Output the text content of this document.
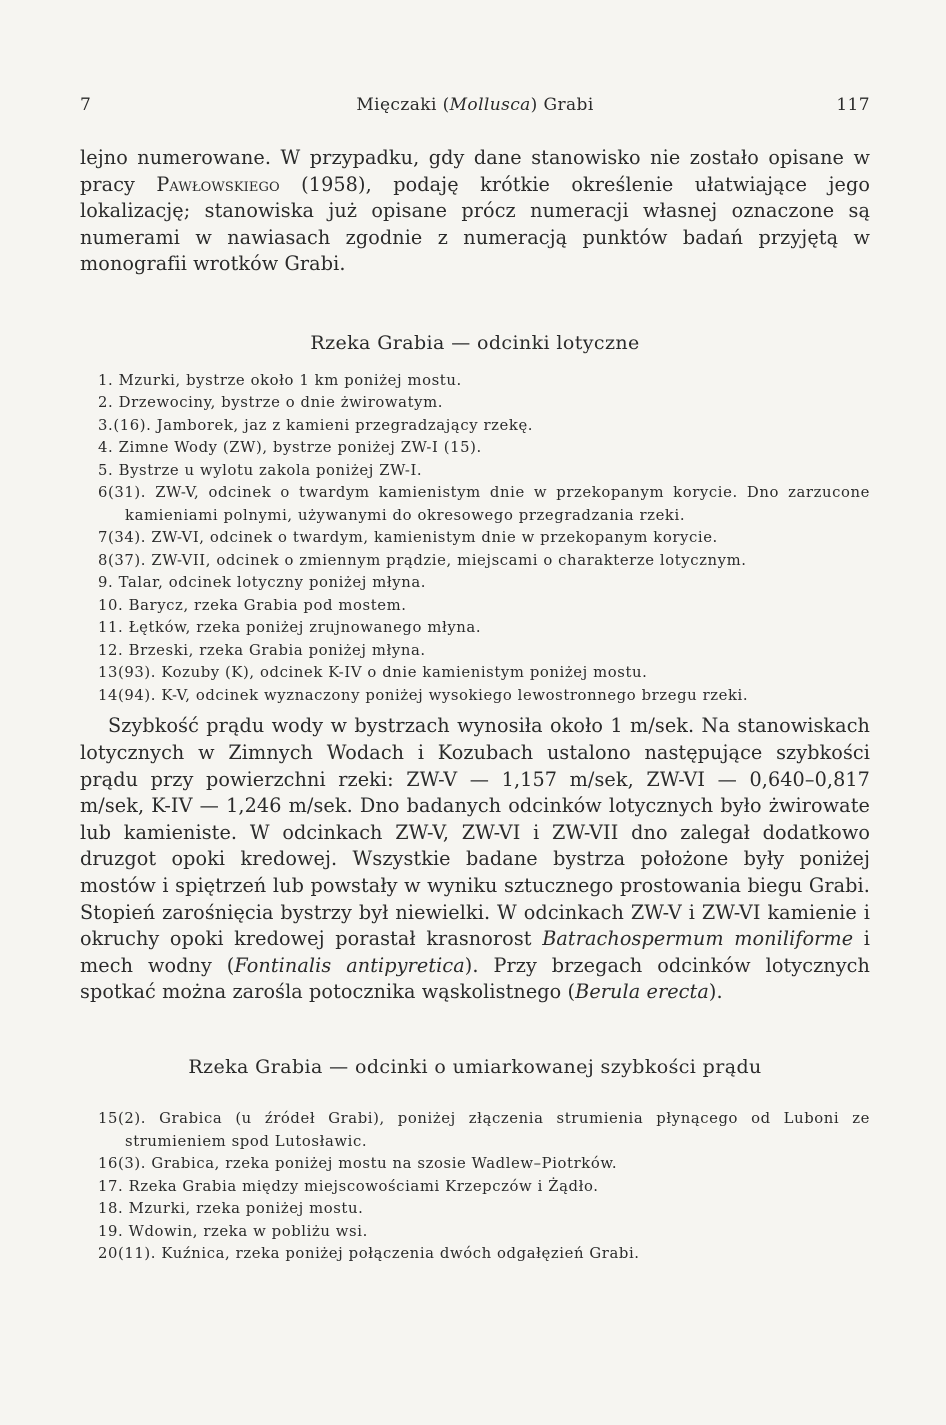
7	Mięczaki (Mollusca) Grabi	117

lejno numerowane. W przypadku, gdy dane stanowisko nie zostało opisane w pracy Pawłowskiego (1958), podaję krótkie określenie ułatwiające jego lokalizację; stanowiska już opisane prócz numeracji własnej oznaczone są numerami w nawiasach zgodnie z numeracją punktów badań przyjętą w monografii wrotków Grabi.

Rzeka Grabia — odcinki lotyczne
1. Mzurki, bystrze około 1 km poniżej mostu.
2. Drzewociny, bystrze o dnie żwirowatym.
3.(16). Jamborek, jaz z kamieni przegradzający rzekę.
4. Zimne Wody (ZW), bystrze poniżej ZW-I (15).
5. Bystrze u wylotu zakola poniżej ZW-I.
6(31). ZW-V, odcinek o twardym kamienistym dnie w przekopanym korycie. Dno zarzucone kamieniami polnymi, używanymi do okresowego przegradzania rzeki.
7(34). ZW-VI, odcinek o twardym, kamienistym dnie w przekopanym korycie.
8(37). ZW-VII, odcinek o zmiennym prądzie, miejscami o charakterze lotycznym.
9. Talar, odcinek lotyczny poniżej młyna.
10. Barycz, rzeka Grabia pod mostem.
11. Łętków, rzeka poniżej zrujnowanego młyna.
12. Brzeski, rzeka Grabia poniżej młyna.
13(93). Kozuby (K), odcinek K-IV o dnie kamienistym poniżej mostu.
14(94). K-V, odcinek wyznaczony poniżej wysokiego lewostronnego brzegu rzeki.

Szybkość prądu wody w bystrzach wynosiła około 1 m/sek. Na stanowiskach lotycznych w Zimnych Wodach i Kozubach ustalono następujące szybkości prądu przy powierzchni rzeki: ZW-V — 1,157 m/sek, ZW-VI — 0,640–0,817 m/sek, K-IV — 1,246 m/sek. Dno badanych odcinków lotycznych było żwirowate lub kamieniste. W odcinkach ZW-V, ZW-VI i ZW-VII dno zalegał dodatkowo druzgot opoki kredowej. Wszystkie badane bystrza położone były poniżej mostów i spiętrzeń lub powstały w wyniku sztucznego prostowania biegu Grabi. Stopień zarośnięcia bystrzy był niewielki. W odcinkach ZW-V i ZW-VI kamienie i okruchy opoki kredowej porastał krasnorost Batrachospermum moniliforme i mech wodny (Fontinalis antipyretica). Przy brzegach odcinków lotycznych spotkać można zarośla potocznika wąskolistnego (Berula erecta).

Rzeka Grabia — odcinki o umiarkowanej szybkości prądu
15(2). Grabica (u źródeł Grabi), poniżej złączenia strumienia płynącego od Luboni ze strumieniem spod Lutosławic.
16(3). Grabica, rzeka poniżej mostu na szosie Wadlew–Piotrków.
17. Rzeka Grabia między miejscowościami Krzepczów i Żądło.
18. Mzurki, rzeka poniżej mostu.
19. Wdowin, rzeka w pobliżu wsi.
20(11). Kuźnica, rzeka poniżej połączenia dwóch odgałęzień Grabi.
